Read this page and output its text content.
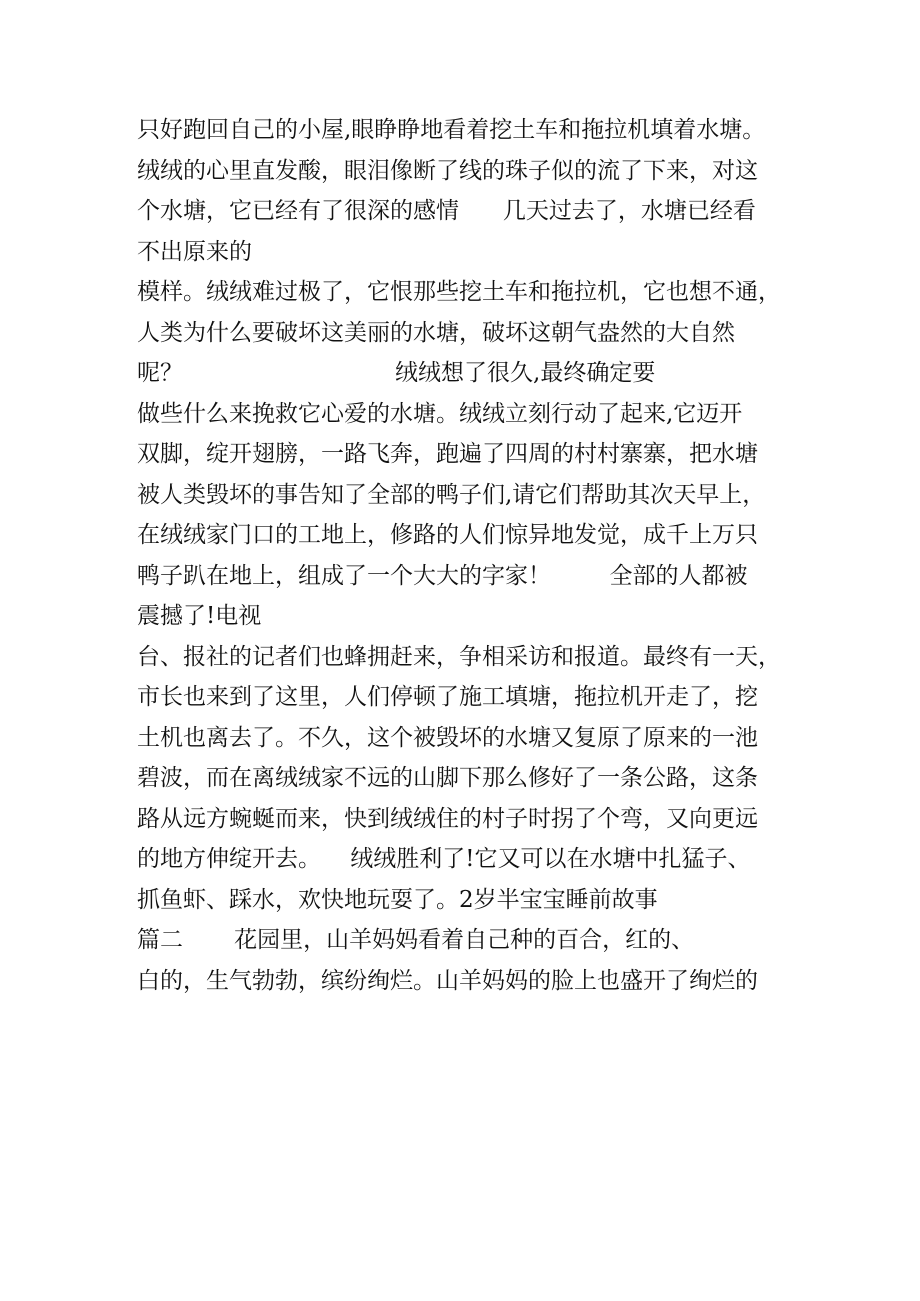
只好跑回自己的小屋,眼睁睁地看着挖土车和拖拉机填着水塘。
绒绒的心里直发酸，眼泪像断了线的珠子似的流了下来，对这
个水塘，它已经有了很深的感情      几天过去了，水塘已经看
不出原来的
模样。绒绒难过极了，它恨那些挖土车和拖拉机，它也想不通，
人类为什么要破坏这美丽的水塘，破坏这朝气盎然的大自然
呢？                             绒绒想了很久,最终确定要
做些什么来挽救它心爱的水塘。绒绒立刻行动了起来,它迈开
双脚，绽开翅膀，一路飞奔，跑遍了四周的村村寨寨，把水塘
被人类毁坏的事告知了全部的鸭子们,请它们帮助其次天早上，
在绒绒家门口的工地上，修路的人们惊异地发觉，成千上万只
鸭子趴在地上，组成了一个大大的字家！        全部的人都被
震撼了!电视
台、报社的记者们也蜂拥赶来，争相采访和报道。最终有一天，
市长也来到了这里，人们停顿了施工填塘，拖拉机开走了，挖
土机也离去了。不久，这个被毁坏的水塘又复原了原来的一池
碧波，而在离绒绒家不远的山脚下那么修好了一条公路，这条
路从远方蜿蜒而来，快到绒绒住的村子时拐了个弯，又向更远
的地方伸绽开去。    绒绒胜利了!它又可以在水塘中扎猛子、
抓鱼虾、踩水，欢快地玩耍了。2岁半宝宝睡前故事
篇二       花园里，山羊妈妈看着自己种的百合，红的、
白的，生气勃勃，缤纷绚烂。山羊妈妈的脸上也盛开了绚烂的
